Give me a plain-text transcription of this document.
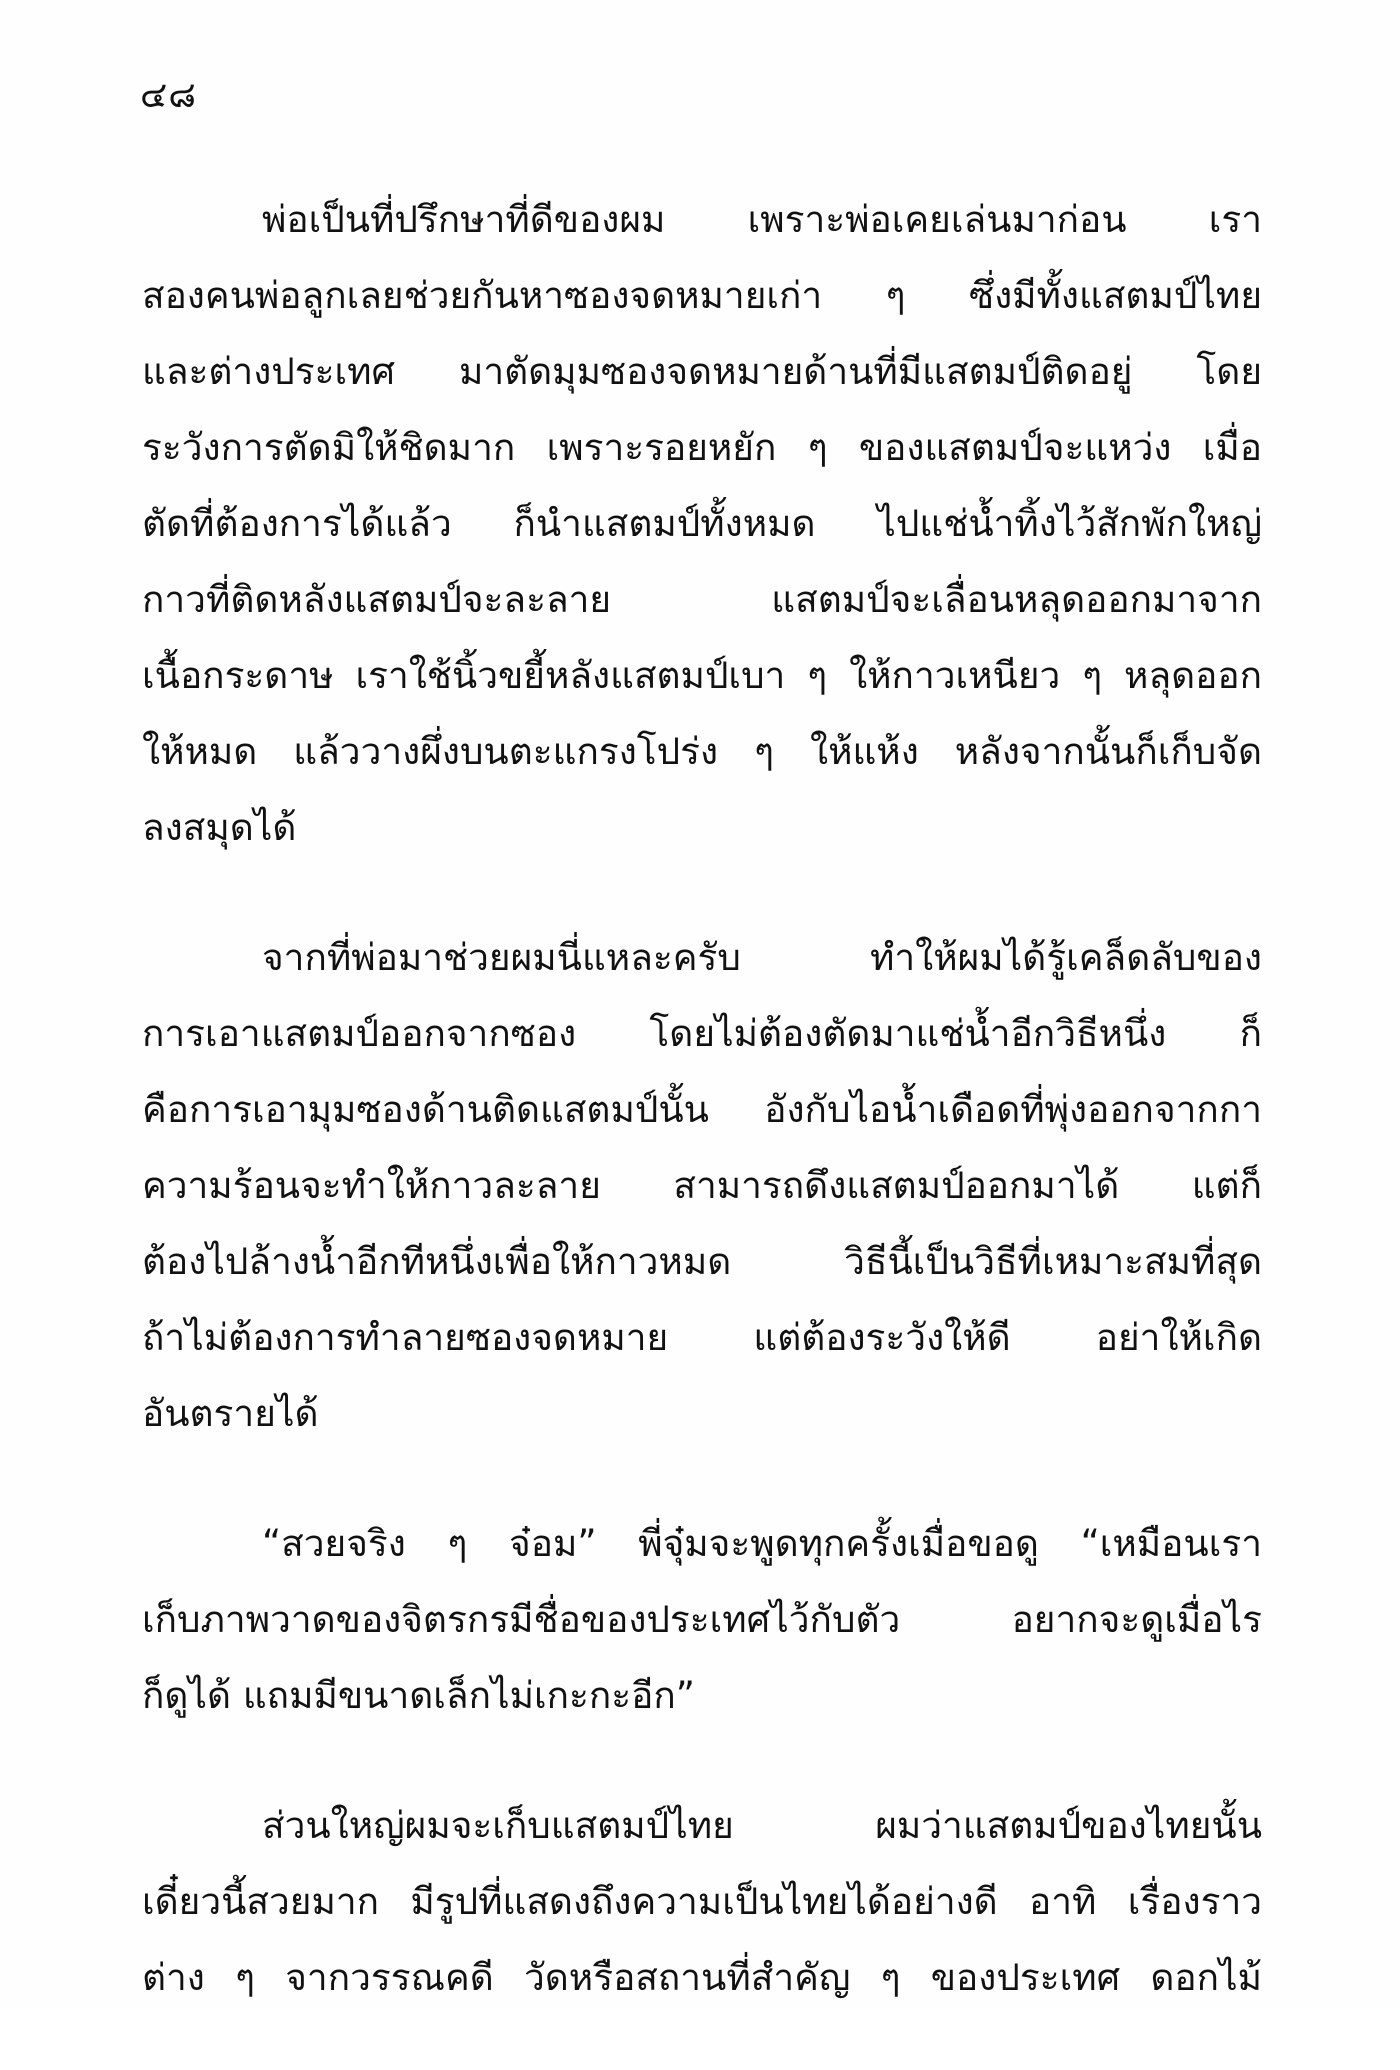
๔๘
พ่อเป็นที่ปรึกษาที่ดีของผม เพราะพ่อเคยเล่นมาก่อน เรา
สองคนพ่อลูกเลยช่วยกันหาซองจดหมายเก่า ๆ ซึ่งมีทั้งแสตมป์ไทย
และต่างประเทศ มาตัดมุมซองจดหมายด้านที่มีแสตมป์ติดอยู่ โดย
ระวังการตัดมิให้ชิดมาก เพราะรอยหยัก ๆ ของแสตมป์จะแหว่ง เมื่อ
ตัดที่ต้องการได้แล้ว ก็นำแสตมป์ทั้งหมด ไปแช่น้ำทิ้งไว้สักพักใหญ่
กาวที่ติดหลังแสตมป์จะละลาย แสตมป์จะเลื่อนหลุดออกมาจาก
เนื้อกระดาษ เราใช้นิ้วขยี้หลังแสตมป์เบา ๆ ให้กาวเหนียว ๆ หลุดออก
ให้หมด แล้ววางผึ่งบนตะแกรงโปร่ง ๆ ให้แห้ง หลังจากนั้นก็เก็บจัด
ลงสมุดได้
จากที่พ่อมาช่วยผมนี่แหละครับ ทำให้ผมได้รู้เคล็ดลับของ
การเอาแสตมป์ออกจากซอง โดยไม่ต้องตัดมาแช่น้ำอีกวิธีหนึ่ง ก็
คือการเอามุมซองด้านติดแสตมป์นั้น อังกับไอน้ำเดือดที่พุ่งออกจากกา
ความร้อนจะทำให้กาวละลาย สามารถดึงแสตมป์ออกมาได้ แต่ก็
ต้องไปล้างน้ำอีกทีหนึ่งเพื่อให้กาวหมด วิธีนี้เป็นวิธีที่เหมาะสมที่สุด
ถ้าไม่ต้องการทำลายซองจดหมาย แต่ต้องระวังให้ดี อย่าให้เกิด
อันตรายได้
“สวยจริง ๆ จ๋อม” พี่จุ๋มจะพูดทุกครั้งเมื่อขอดู “เหมือนเรา
เก็บภาพวาดของจิตรกรมีชื่อของประเทศไว้กับตัว อยากจะดูเมื่อไร
ก็ดูได้ แถมมีขนาดเล็กไม่เกะกะอีก”
ส่วนใหญ่ผมจะเก็บแสตมป์ไทย ผมว่าแสตมป์ของไทยนั้น
เดี๋ยวนี้สวยมาก มีรูปที่แสดงถึงความเป็นไทยได้อย่างดี อาทิ เรื่องราว
ต่าง ๆ จากวรรณคดี วัดหรือสถานที่สำคัญ ๆ ของประเทศ ดอกไม้
